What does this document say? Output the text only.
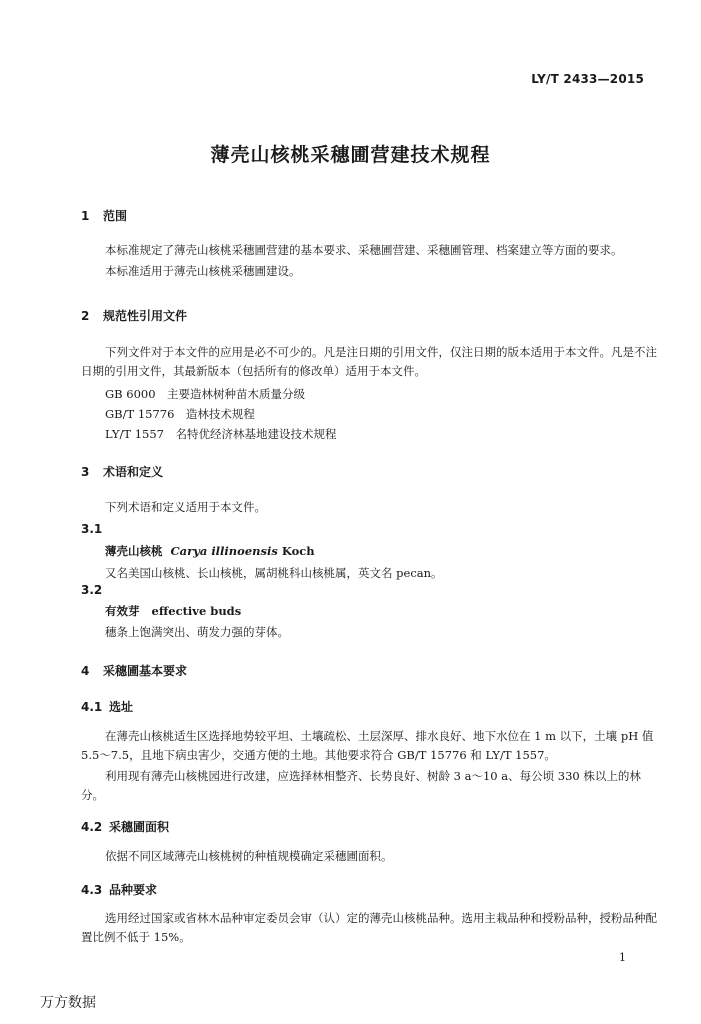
LY/T 2433—2015
薄壳山核桃采穗圃营建技术规程
1 范围
本标准规定了薄壳山核桃采穗圃营建的基本要求、采穗圃营建、采穗圃管理、档案建立等方面的要求。
本标准适用于薄壳山核桃采穗圃建设。
2 规范性引用文件
下列文件对于本文件的应用是必不可少的。凡是注日期的引用文件，仅注日期的版本适用于本文件。凡是不注日期的引用文件，其最新版本（包括所有的修改单）适用于本文件。
GB 6000　主要造林树种苗木质量分级
GB/T 15776　造林技术规程
LY/T 1557　名特优经济林基地建设技术规程
3 术语和定义
下列术语和定义适用于本文件。
3.1
薄壳山核桃 Carya illinoensis Koch
又名美国山核桃、长山核桃，属胡桃科山核桃属，英文名 pecan。
3.2
有效芽 effective buds
穗条上饱满突出、萌发力强的芽体。
4 采穗圃基本要求
4.1 选址
在薄壳山核桃适生区选择地势较平坦、土壤疏松、土层深厚、排水良好、地下水位在 1 m 以下，土壤 pH 值 5.5～7.5，且地下病虫害少，交通方便的土地。其他要求符合 GB/T 15776 和 LY/T 1557。
利用现有薄壳山核桃园进行改建，应选择林相整齐、长势良好、树龄 3 a～10 a、每公顷 330 株以上的林分。
4.2 采穗圃面积
依据不同区域薄壳山核桃树的种植规模确定采穗圃面积。
4.3 品种要求
选用经过国家或省林木品种审定委员会审（认）定的薄壳山核桃品种。选用主栽品种和授粉品种，授粉品种配置比例不低于 15%。
1
万方数据
